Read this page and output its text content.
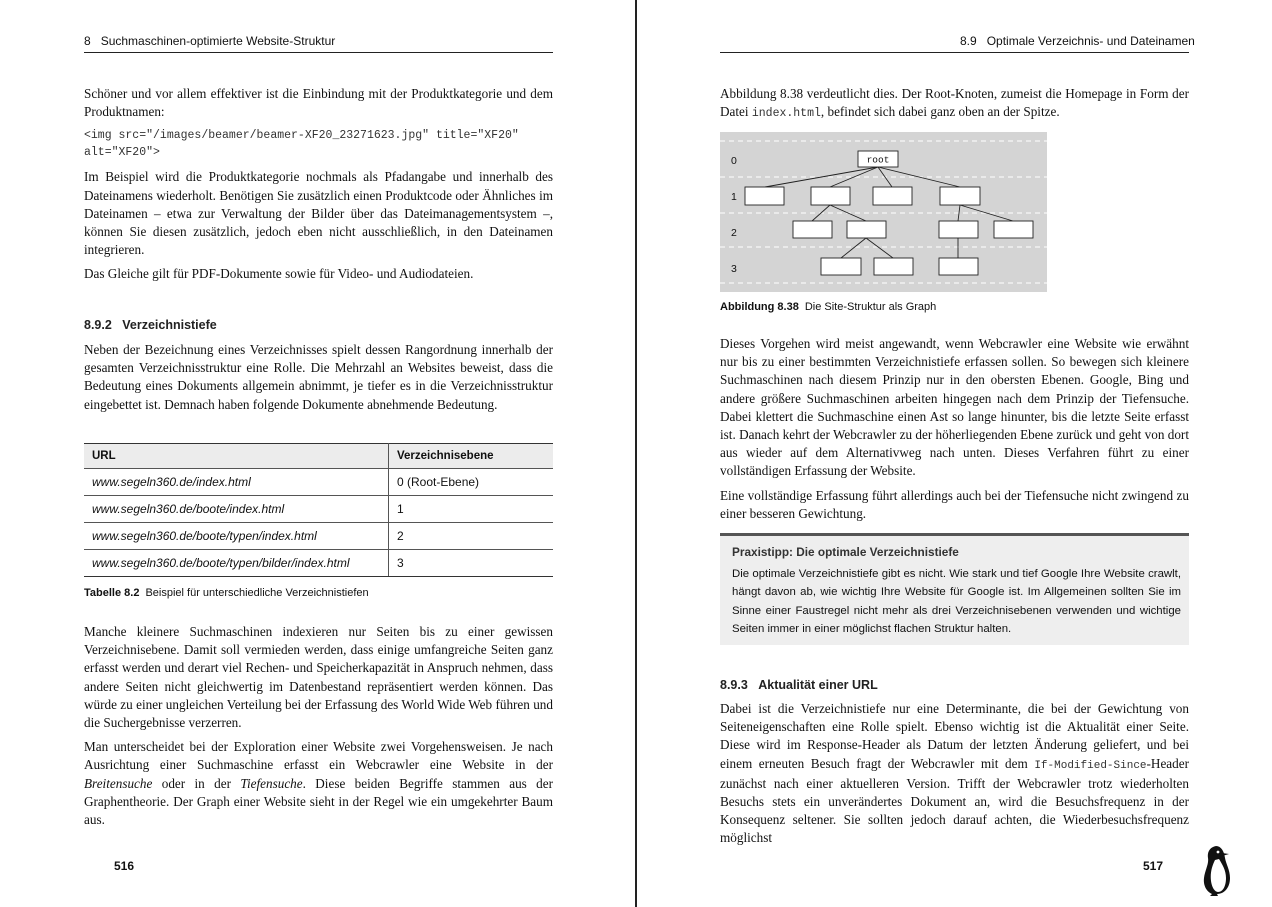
8 Suchmaschinen-optimierte Website-Struktur

Schöner und vor allem effektiver ist die Einbindung mit der Produktkategorie und dem Produktnamen:

<img src="/images/beamer/beamer-XF20_23271623.jpg" title="XF20"
alt="XF20">

Im Beispiel wird die Produktkategorie nochmals als Pfadangabe und innerhalb des Dateinamens wiederholt. Benötigen Sie zusätzlich einen Produktcode oder Ähnliches im Dateinamen – etwa zur Verwaltung der Bilder über das Dateimanagementsystem –, können Sie diesen zusätzlich, jedoch eben nicht ausschließlich, in den Dateinamen integrieren.

Das Gleiche gilt für PDF-Dokumente sowie für Video- und Audiodateien.

8.9.2 Verzeichnistiefe

Neben der Bezeichnung eines Verzeichnisses spielt dessen Rangordnung innerhalb der gesamten Verzeichnisstruktur eine Rolle. Die Mehrzahl an Websites beweist, dass die Bedeutung eines Dokuments allgemein abnimmt, je tiefer es in die Verzeichnisstruktur eingebettet ist. Demnach haben folgende Dokumente abnehmende Bedeutung.

URL	Verzeichnisebene
www.segeln360.de/index.html	0 (Root-Ebene)
www.segeln360.de/boote/index.html	1
www.segeln360.de/boote/typen/index.html	2
www.segeln360.de/boote/typen/bilder/index.html	3
Tabelle 8.2 Beispiel für unterschiedliche Verzeichnistiefen

Manche kleinere Suchmaschinen indexieren nur Seiten bis zu einer gewissen Verzeichnisebene. Damit soll vermieden werden, dass einige umfangreiche Seiten ganz erfasst werden und derart viel Rechen- und Speicherkapazität in Anspruch nehmen, dass andere Seiten nicht gleichwertig im Datenbestand repräsentiert werden können. Das würde zu einer ungleichen Verteilung bei der Erfassung des World Wide Web führen und die Suchergebnisse verzerren.

Man unterscheidet bei der Exploration einer Website zwei Vorgehensweisen. Je nach Ausrichtung einer Suchmaschine erfasst ein Webcrawler eine Website in der Breitensuche oder in der Tiefensuche. Diese beiden Begriffe stammen aus der Graphentheorie. Der Graph einer Website sieht in der Regel wie ein umgekehrter Baum aus.

516
8.9 Optimale Verzeichnis- und Dateinamen

Abbildung 8.38 verdeutlicht dies. Der Root-Knoten, zumeist die Homepage in Form der Datei index.html, befindet sich dabei ganz oben an der Spitze.

0
1
2
3
root
Abbildung 8.38 Die Site-Struktur als Graph

Dieses Vorgehen wird meist angewandt, wenn Webcrawler eine Website wie erwähnt nur bis zu einer bestimmten Verzeichnistiefe erfassen sollen. So bewegen sich kleinere Suchmaschinen nach diesem Prinzip nur in den obersten Ebenen. Google, Bing und andere größere Suchmaschinen arbeiten hingegen nach dem Prinzip der Tiefensuche. Dabei klettert die Suchmaschine einen Ast so lange hinunter, bis die letzte Seite erfasst ist. Danach kehrt der Webcrawler zu der höherliegenden Ebene zurück und geht von dort aus wieder auf dem Alternativweg nach unten. Dieses Verfahren führt zu einer vollständigen Erfassung der Website.

Eine vollständige Erfassung führt allerdings auch bei der Tiefensuche nicht zwingend zu einer besseren Gewichtung.

Praxistipp: Die optimale Verzeichnistiefe
Die optimale Verzeichnistiefe gibt es nicht. Wie stark und tief Google Ihre Website crawlt, hängt davon ab, wie wichtig Ihre Website für Google ist. Im Allgemeinen sollten Sie im Sinne einer Faustregel nicht mehr als drei Verzeichnisebenen verwenden und wichtige Seiten immer in einer möglichst flachen Struktur halten.
8.9.3 Aktualität einer URL

Dabei ist die Verzeichnistiefe nur eine Determinante, die bei der Gewichtung von Seiteneigenschaften eine Rolle spielt. Ebenso wichtig ist die Aktualität einer Seite. Diese wird im Response-Header als Datum der letzten Änderung geliefert, und bei einem erneuten Besuch fragt der Webcrawler mit dem If-Modified-Since-Header zunächst nach einer aktuelleren Version. Trifft der Webcrawler trotz wiederholten Besuchs stets ein unverändertes Dokument an, wird die Besuchsfrequenz in der Konsequenz seltener. Sie sollten jedoch darauf achten, die Wiederbesuchsfrequenz möglichst

517
